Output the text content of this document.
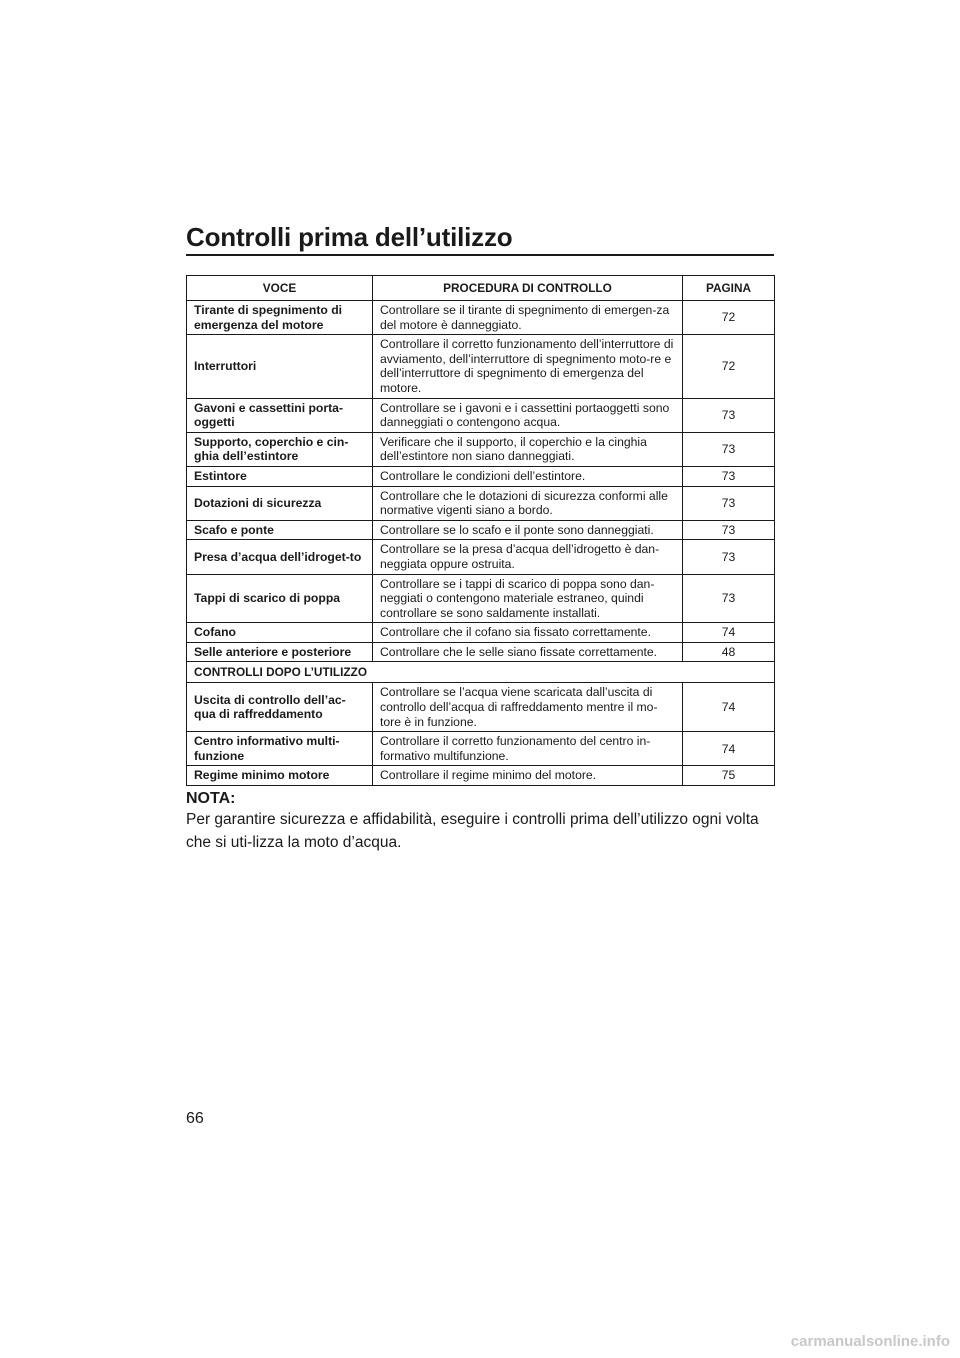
Controlli prima dell’utilizzo
VOCE	PROCEDURA DI CONTROLLO	PAGINA
Tirante di spegnimento di emergenza del motore	Controllare se il tirante di spegnimento di emergen-za del motore è danneggiato.	72
Interruttori	Controllare il corretto funzionamento dell’interruttore di avviamento, dell’interruttore di spegnimento moto-re e dell’interruttore di spegnimento di emergenza del motore.	72
Gavoni e cassettini porta-oggetti	Controllare se i gavoni e i cassettini portaoggetti sono danneggiati o contengono acqua.	73
Supporto, coperchio e cin-ghia dell’estintore	Verificare che il supporto, il coperchio e la cinghia dell’estintore non siano danneggiati.	73
Estintore	Controllare le condizioni dell’estintore.	73
Dotazioni di sicurezza	Controllare che le dotazioni di sicurezza conformi alle normative vigenti siano a bordo.	73
Scafo e ponte	Controllare se lo scafo e il ponte sono danneggiati.	73
Presa d’acqua dell’idroget-to	Controllare se la presa d’acqua dell’idrogetto è dan-neggiata oppure ostruita.	73
Tappi di scarico di poppa	Controllare se i tappi di scarico di poppa sono dan-neggiati o contengono materiale estraneo, quindi controllare se sono saldamente installati.	73
Cofano	Controllare che il cofano sia fissato correttamente.	74
Selle anteriore e posteriore	Controllare che le selle siano fissate correttamente.	48
CONTROLLI DOPO L’UTILIZZO		
Uscita di controllo dell’ac-qua di raffreddamento	Controllare se l’acqua viene scaricata dall’uscita di controllo dell’acqua di raffreddamento mentre il mo-tore è in funzione.	74
Centro informativo multi-funzione	Controllare il corretto funzionamento del centro in-formativo multifunzione.	74
Regime minimo motore	Controllare il regime minimo del motore.	75
NOTA:
Per garantire sicurezza e affidabilità, eseguire i controlli prima dell’utilizzo ogni volta che si uti-lizza la moto d’acqua.
66
carmanualsonline.info
